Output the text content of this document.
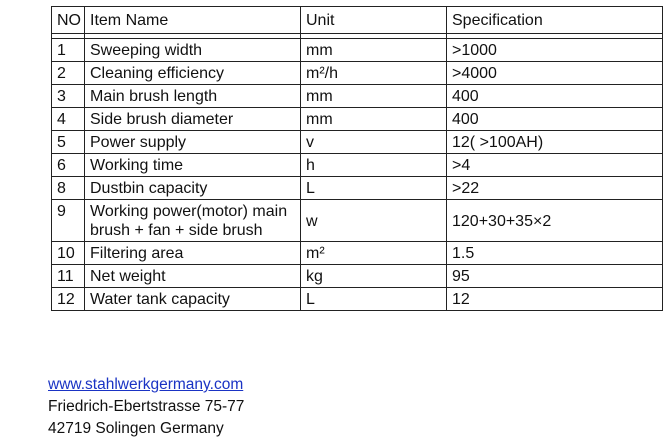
NO	Item Name	Unit	Specification

1	Sweeping width	mm	>1000
2	Cleaning efficiency	m²/h	>4000
3	Main brush length	mm	400
4	Side brush diameter	mm	400
5	Power supply	v	12( >100AH)
6	Working time	h	>4
8	Dustbin capacity	L	>22
9	Working power(motor) main brush + fan + side brush	w	120+30+35×2
10	Filtering area	m²	1.5
11	Net weight	kg	95
12	Water tank capacity	L	12
www.stahlwerkgermany.com
Friedrich-Ebertstrasse 75-77
42719 Solingen Germany
